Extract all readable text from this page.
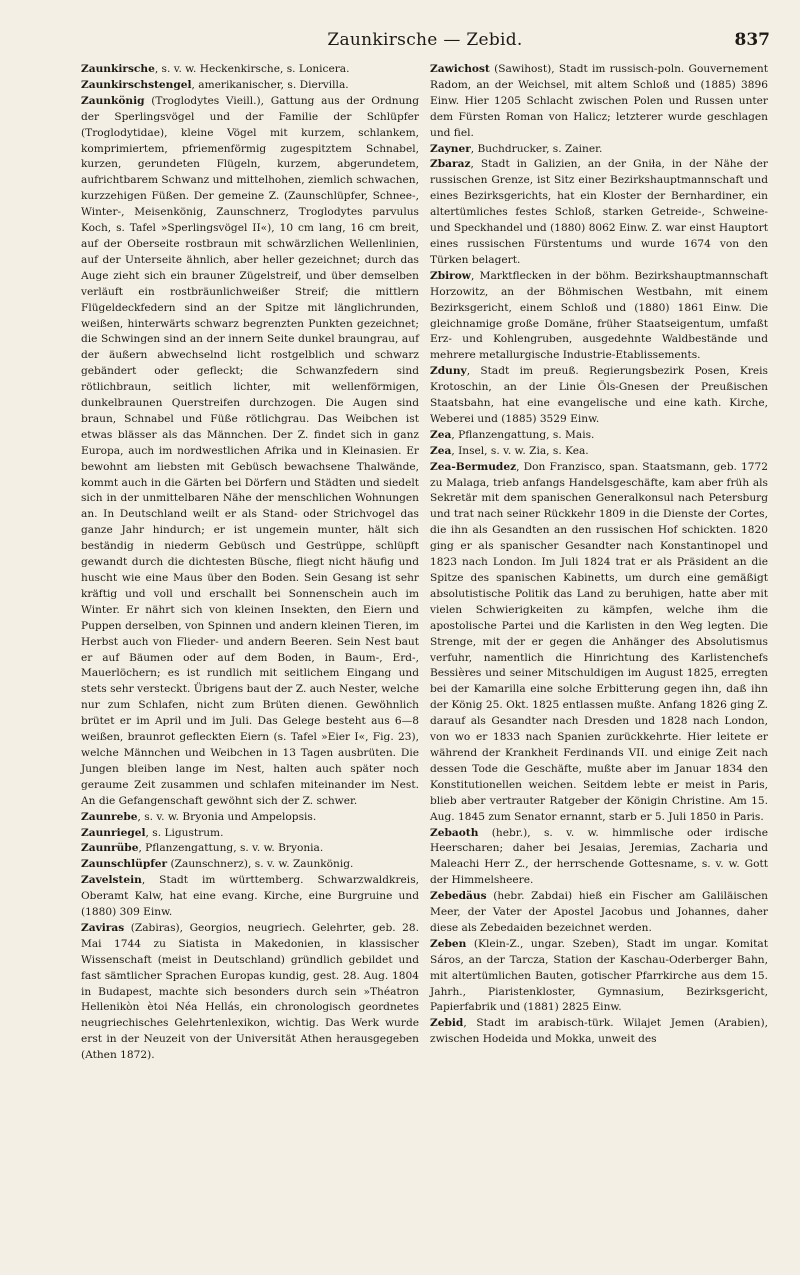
Zaunkirsche — Zebid.	837

Zaunkirsche, s. v. w. Heckenkirsche, s. Lonicera.

Zaunkirschstengel, amerikanischer, s. Diervilla.

Zaunkönig (Troglodytes Vieill.), Gattung aus der Ordnung der Sperlingsvögel und der Familie der Schlüpfer (Troglodytidae), kleine Vögel mit kurzem, schlankem, komprimiertem, pfriemenförmig zugespitztem Schnabel, kurzen, gerundeten Flügeln, kurzem, abgerundetem, aufrichtbarem Schwanz und mittelhohen, ziemlich schwachen, kurzzehigen Füßen. Der gemeine Z. (Zaunschlüpfer, Schnee-, Winter-, Meisenkönig, Zaunschnerz, Troglodytes parvulus Koch, s. Tafel »Sperlingsvögel II«), 10 cm lang, 16 cm breit, auf der Oberseite rostbraun mit schwärzlichen Wellenlinien, auf der Unterseite ähnlich, aber heller gezeichnet; durch das Auge zieht sich ein brauner Zügelstreif, und über demselben verläuft ein rostbräunlichweißer Streif; die mittlern Flügeldeckfedern sind an der Spitze mit länglichrunden, weißen, hinterwärts schwarz begrenzten Punkten gezeichnet; die Schwingen sind an der innern Seite dunkel braungrau, auf der äußern abwechselnd licht rostgelblich und schwarz gebändert oder gefleckt; die Schwanzfedern sind rötlichbraun, seitlich lichter, mit wellenförmigen, dunkelbraunen Querstreifen durchzogen. Die Augen sind braun, Schnabel und Füße rötlichgrau. Das Weibchen ist etwas blässer als das Männchen. Der Z. findet sich in ganz Europa, auch im nordwestlichen Afrika und in Kleinasien. Er bewohnt am liebsten mit Gebüsch bewachsene Thalwände, kommt auch in die Gärten bei Dörfern und Städten und siedelt sich in der unmittelbaren Nähe der menschlichen Wohnungen an. In Deutschland weilt er als Stand- oder Strichvogel das ganze Jahr hindurch; er ist ungemein munter, hält sich beständig in niederm Gebüsch und Gestrüppe, schlüpft gewandt durch die dichtesten Büsche, fliegt nicht häufig und huscht wie eine Maus über den Boden. Sein Gesang ist sehr kräftig und voll und erschallt bei Sonnenschein auch im Winter. Er nährt sich von kleinen Insekten, den Eiern und Puppen derselben, von Spinnen und andern kleinen Tieren, im Herbst auch von Flieder- und andern Beeren. Sein Nest baut er auf Bäumen oder auf dem Boden, in Baum-, Erd-, Mauerlöchern; es ist rundlich mit seitlichem Eingang und stets sehr versteckt. Übrigens baut der Z. auch Nester, welche nur zum Schlafen, nicht zum Brüten dienen. Gewöhnlich brütet er im April und im Juli. Das Gelege besteht aus 6—8 weißen, braunrot gefleckten Eiern (s. Tafel »Eier I«, Fig. 23), welche Männchen und Weibchen in 13 Tagen ausbrüten. Die Jungen bleiben lange im Nest, halten auch später noch geraume Zeit zusammen und schlafen miteinander im Nest. An die Gefangenschaft gewöhnt sich der Z. schwer.

Zaunrebe, s. v. w. Bryonia und Ampelopsis.

Zaunriegel, s. Ligustrum.

Zaunrübe, Pflanzengattung, s. v. w. Bryonia.

Zaunschlüpfer (Zaunschnerz), s. v. w. Zaunkönig.

Zavelstein, Stadt im württemberg. Schwarzwaldkreis, Oberamt Kalw, hat eine evang. Kirche, eine Burgruine und (1880) 309 Einw.

Zaviras (Zabiras), Georgios, neugriech. Gelehrter, geb. 28. Mai 1744 zu Siatista in Makedonien, in klassischer Wissenschaft (meist in Deutschland) gründlich gebildet und fast sämtlicher Sprachen Europas kundig, gest. 28. Aug. 1804 in Budapest, machte sich besonders durch sein »Théatron Hellenikòn ètoi Néa Hellás, ein chronologisch geordnetes neugriechisches Gelehrtenlexikon, wichtig. Das Werk wurde erst in der Neuzeit von der Universität Athen herausgegeben (Athen 1872).

Zawichost (Sawihost), Stadt im russisch-poln. Gouvernement Radom, an der Weichsel, mit altem Schloß und (1885) 3896 Einw. Hier 1205 Schlacht zwischen Polen und Russen unter dem Fürsten Roman von Halicz; letzterer wurde geschlagen und fiel.

Zayner, Buchdrucker, s. Zainer.

Zbaraz, Stadt in Galizien, an der Gniła, in der Nähe der russischen Grenze, ist Sitz einer Bezirkshauptmannschaft und eines Bezirksgerichts, hat ein Kloster der Bernhardiner, ein altertümliches festes Schloß, starken Getreide-, Schweine- und Speckhandel und (1880) 8062 Einw. Z. war einst Hauptort eines russischen Fürstentums und wurde 1674 von den Türken belagert.

Zbirow, Marktflecken in der böhm. Bezirkshauptmannschaft Horzowitz, an der Böhmischen Westbahn, mit einem Bezirksgericht, einem Schloß und (1880) 1861 Einw. Die gleichnamige große Domäne, früher Staatseigentum, umfaßt Erz- und Kohlengruben, ausgedehnte Waldbestände und mehrere metallurgische Industrie-Etablissements.

Zduny, Stadt im preuß. Regierungsbezirk Posen, Kreis Krotoschin, an der Linie Öls-Gnesen der Preußischen Staatsbahn, hat eine evangelische und eine kath. Kirche, Weberei und (1885) 3529 Einw.

Zea, Pflanzengattung, s. Mais.

Zea, Insel, s. v. w. Zia, s. Kea.

Zea-Bermudez, Don Franzisco, span. Staatsmann, geb. 1772 zu Malaga, trieb anfangs Handelsgeschäfte, kam aber früh als Sekretär mit dem spanischen Generalkonsul nach Petersburg und trat nach seiner Rückkehr 1809 in die Dienste der Cortes, die ihn als Gesandten an den russischen Hof schickten. 1820 ging er als spanischer Gesandter nach Konstantinopel und 1823 nach London. Im Juli 1824 trat er als Präsident an die Spitze des spanischen Kabinetts, um durch eine gemäßigt absolutistische Politik das Land zu beruhigen, hatte aber mit vielen Schwierigkeiten zu kämpfen, welche ihm die apostolische Partei und die Karlisten in den Weg legten. Die Strenge, mit der er gegen die Anhänger des Absolutismus verfuhr, namentlich die Hinrichtung des Karlistenchefs Bessières und seiner Mitschuldigen im August 1825, erregten bei der Kamarilla eine solche Erbitterung gegen ihn, daß ihn der König 25. Okt. 1825 entlassen mußte. Anfang 1826 ging Z. darauf als Gesandter nach Dresden und 1828 nach London, von wo er 1833 nach Spanien zurückkehrte. Hier leitete er während der Krankheit Ferdinands VII. und einige Zeit nach dessen Tode die Geschäfte, mußte aber im Januar 1834 den Konstitutionellen weichen. Seitdem lebte er meist in Paris, blieb aber vertrauter Ratgeber der Königin Christine. Am 15. Aug. 1845 zum Senator ernannt, starb er 5. Juli 1850 in Paris.

Zebaoth (hebr.), s. v. w. himmlische oder irdische Heerscharen; daher bei Jesaias, Jeremias, Zacharia und Maleachi Herr Z., der herrschende Gottesname, s. v. w. Gott der Himmelsheere.

Zebedäus (hebr. Zabdai) hieß ein Fischer am Galiläischen Meer, der Vater der Apostel Jacobus und Johannes, daher diese als Zebedaiden bezeichnet werden.

Zeben (Klein-Z., ungar. Szeben), Stadt im ungar. Komitat Sáros, an der Tarcza, Station der Kaschau-Oderberger Bahn, mit altertümlichen Bauten, gotischer Pfarrkirche aus dem 15. Jahrh., Piaristenkloster, Gymnasium, Bezirksgericht, Papierfabrik und (1881) 2825 Einw.

Zebid, Stadt im arabisch-türk. Wilajet Jemen (Arabien), zwischen Hodeida und Mokka, unweit des
